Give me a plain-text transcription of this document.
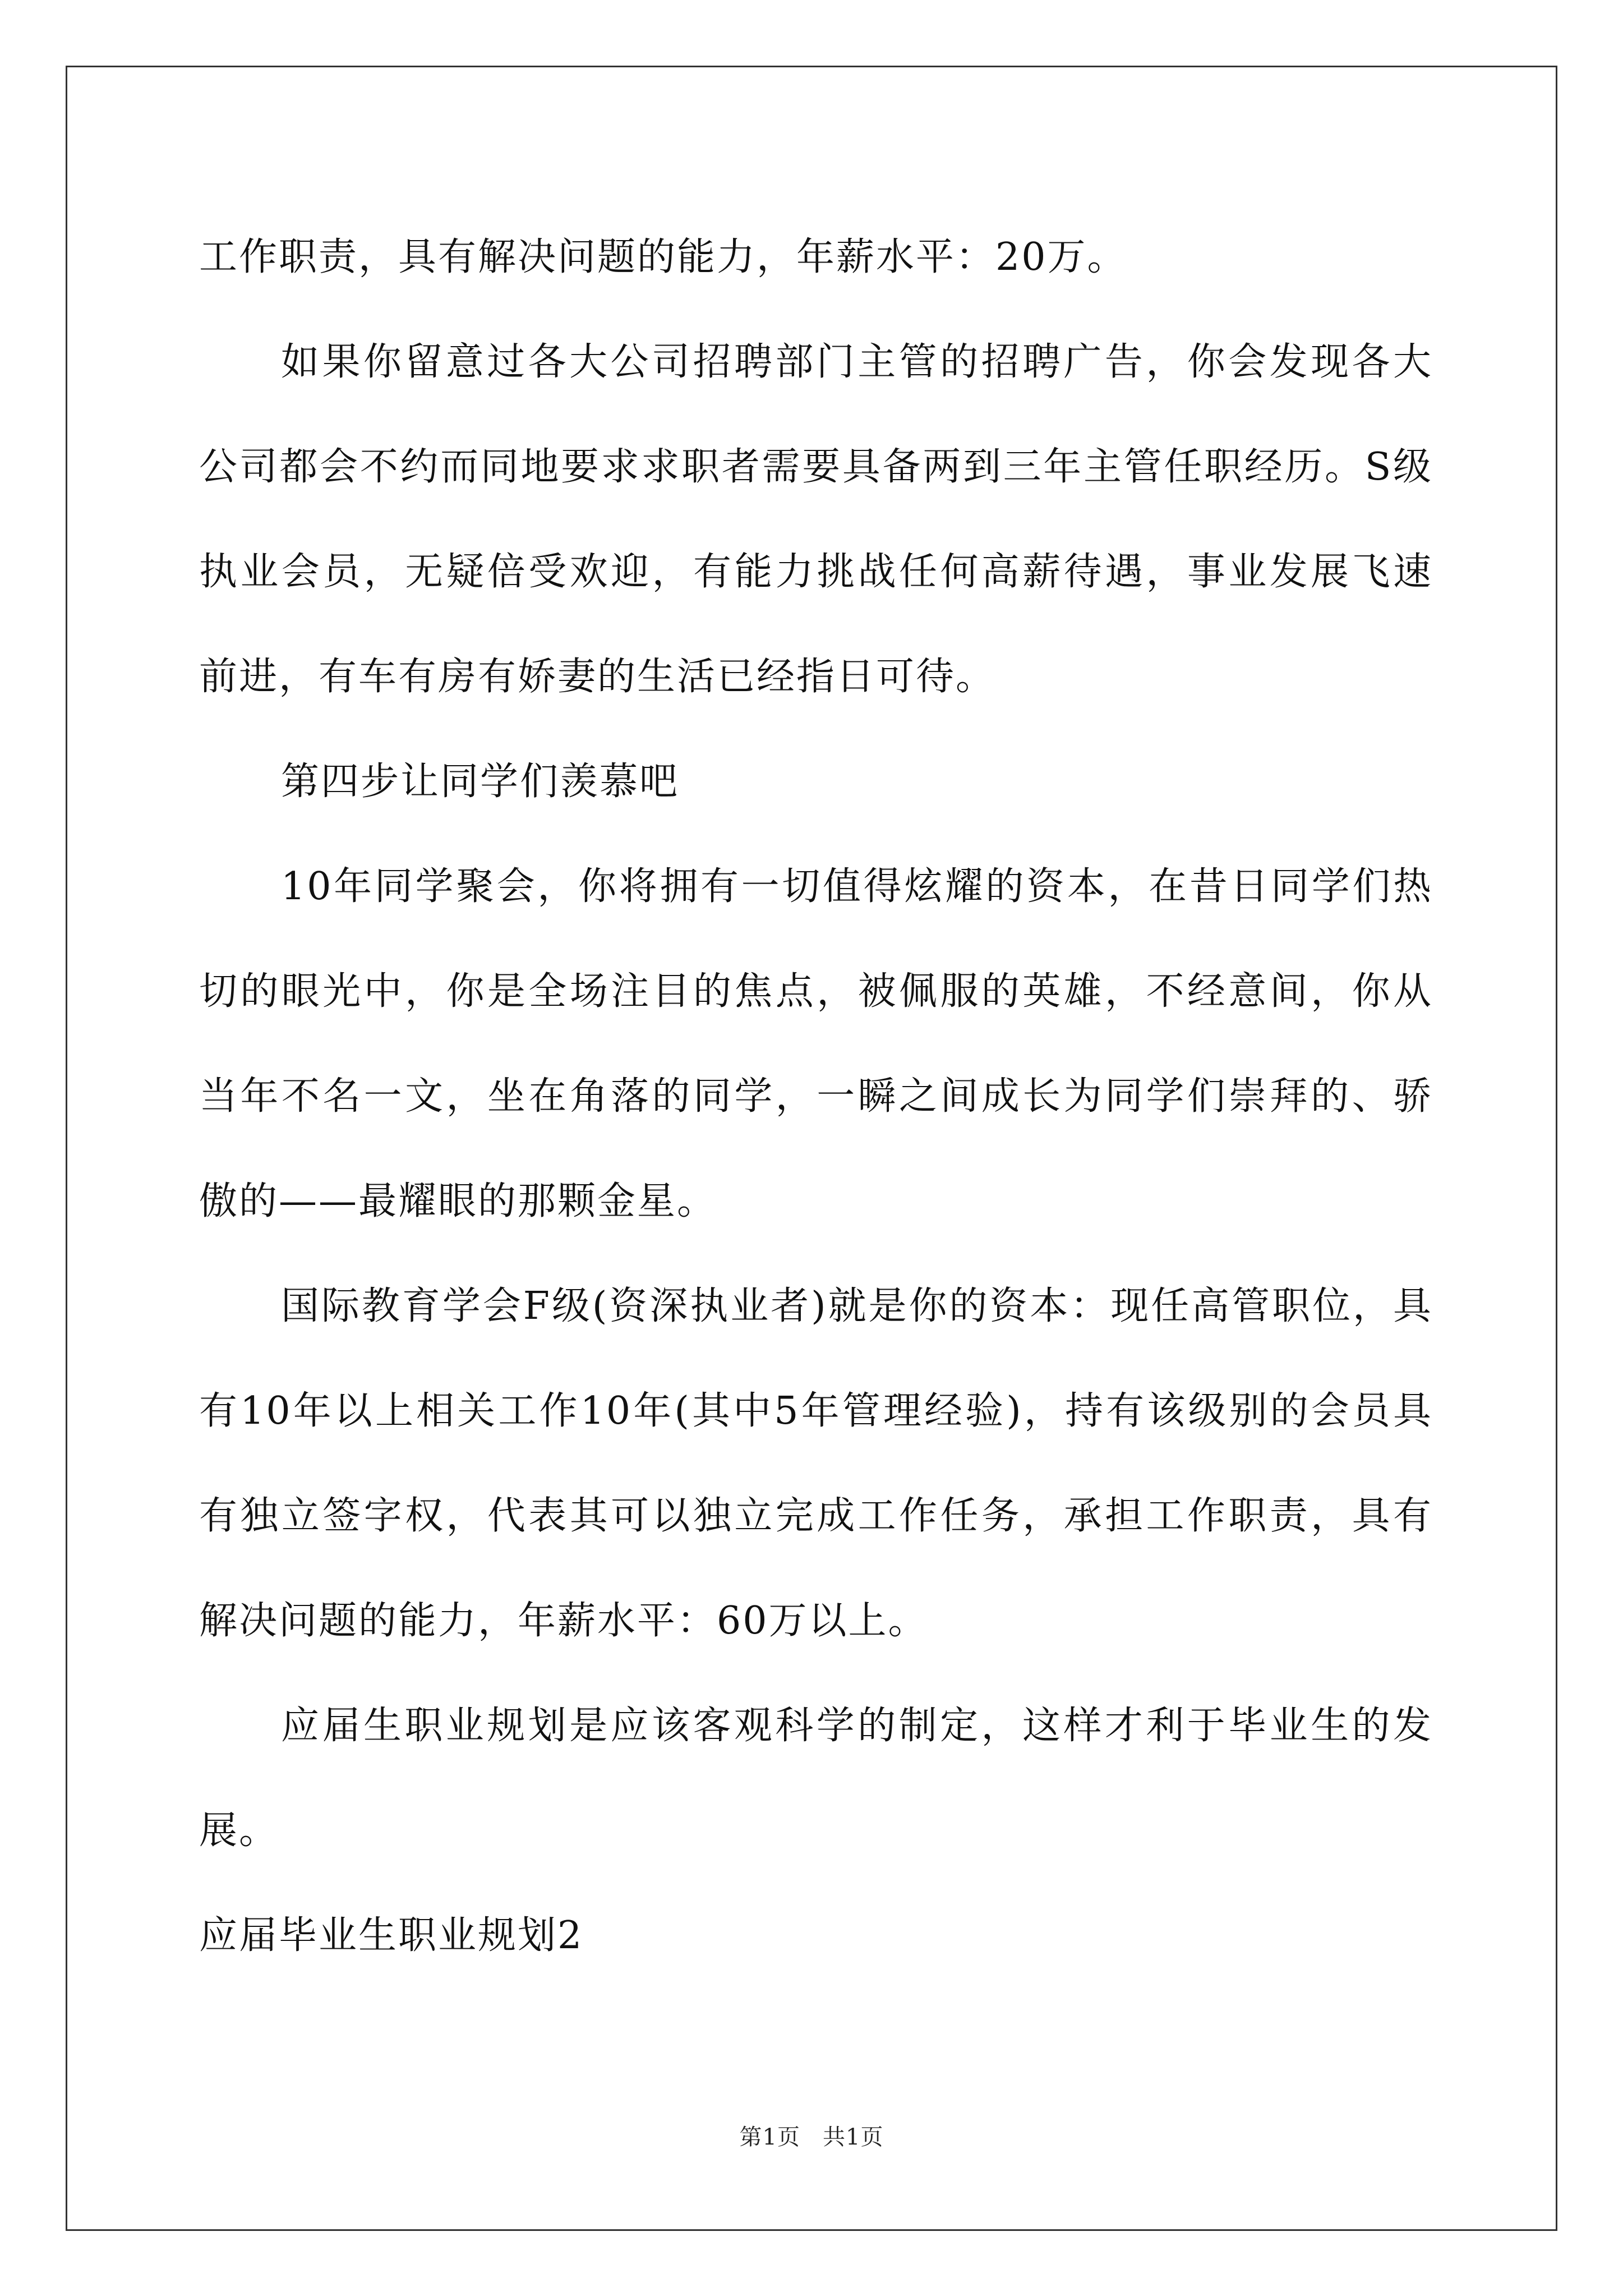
工作职责，具有解决问题的能力，年薪水平：20万。

如果你留意过各大公司招聘部门主管的招聘广告，你会发现各大公司都会不约而同地要求求职者需要具备两到三年主管任职经历。S级执业会员，无疑倍受欢迎，有能力挑战任何高薪待遇，事业发展飞速前进，有车有房有娇妻的生活已经指日可待。

第四步让同学们羡慕吧

10年同学聚会，你将拥有一切值得炫耀的资本，在昔日同学们热切的眼光中，你是全场注目的焦点，被佩服的英雄，不经意间，你从当年不名一文，坐在角落的同学，一瞬之间成长为同学们崇拜的、骄傲的——最耀眼的那颗金星。

国际教育学会F级(资深执业者)就是你的资本：现任高管职位，具有10年以上相关工作10年(其中5年管理经验)，持有该级别的会员具有独立签字权，代表其可以独立完成工作任务，承担工作职责，具有解决问题的能力，年薪水平：60万以上。

应届生职业规划是应该客观科学的制定，这样才利于毕业生的发展。

应届毕业生职业规划2

第1页 共1页
